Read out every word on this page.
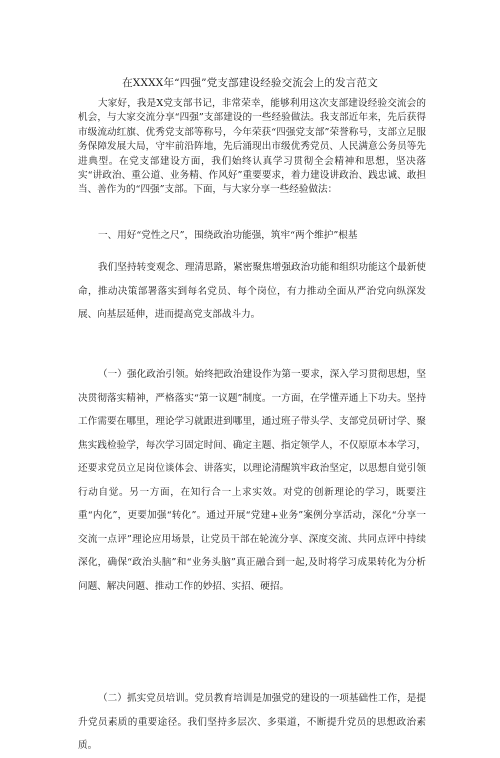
在XXXX年“四强”党支部建设经验交流会上的发言范文

大家好，我是X党支部书记，非常荣幸，能够利用这次支部建设经验交流会的机会，与大家交流分享“四强”支部建设的一些经验做法。我支部近年来，先后获得市级流动红旗、优秀党支部等称号，今年荣获“四强党支部”荣誉称号，支部立足服务保障发展大局，守牢前沿阵地，先后涌现出市级优秀党员、人民满意公务员等先进典型。在党支部建设方面，我们始终认真学习贯彻全会精神和思想，坚决落实“讲政治、重公道、业务精、作风好”重要要求，着力建设讲政治、践忠诚、敢担当、善作为的“四强”支部。下面，与大家分享一些经验做法：

一、用好“党性之尺”，围绕政治功能强，筑牢“两个维护”根基

我们坚持转变观念、理清思路，紧密聚焦增强政治功能和组织功能这个最新使命，推动决策部署落实到每名党员、每个岗位，有力推动全面从严治党向纵深发展、向基层延伸，进而提高党支部战斗力。

（一）强化政治引领。始终把政治建设作为第一要求，深入学习贯彻思想，坚决贯彻落实精神，严格落实“第一议题”制度。一方面，在学懂弄通上下功夫。坚持工作需要在哪里，理论学习就跟进到哪里，通过班子带头学、支部党员研讨学、聚焦实践检验学，每次学习固定时间、确定主题、指定领学人，不仅原原本本学习，还要求党员立足岗位谈体会、讲落实，以理论清醒筑牢政治坚定，以思想自觉引领行动自觉。另一方面，在知行合一上求实效。对党的创新理论的学习，既要注重“内化”，更要加强“转化”。通过开展“党建+业务”案例分享活动，深化“分享一交流一点评”理论应用场景，让党员干部在轮流分享、深度交流、共同点评中持续深化，确保“政治头脑”和“业务头脑”真正融合到一起,及时将学习成果转化为分析问题、解决问题、推动工作的妙招、实招、硬招。

（二）抓实党员培训。党员教育培训是加强党的建设的一项基础性工作，是提升党员素质的重要途径。我们坚持多层次、多渠道，不断提升党员的思想政治素质。
